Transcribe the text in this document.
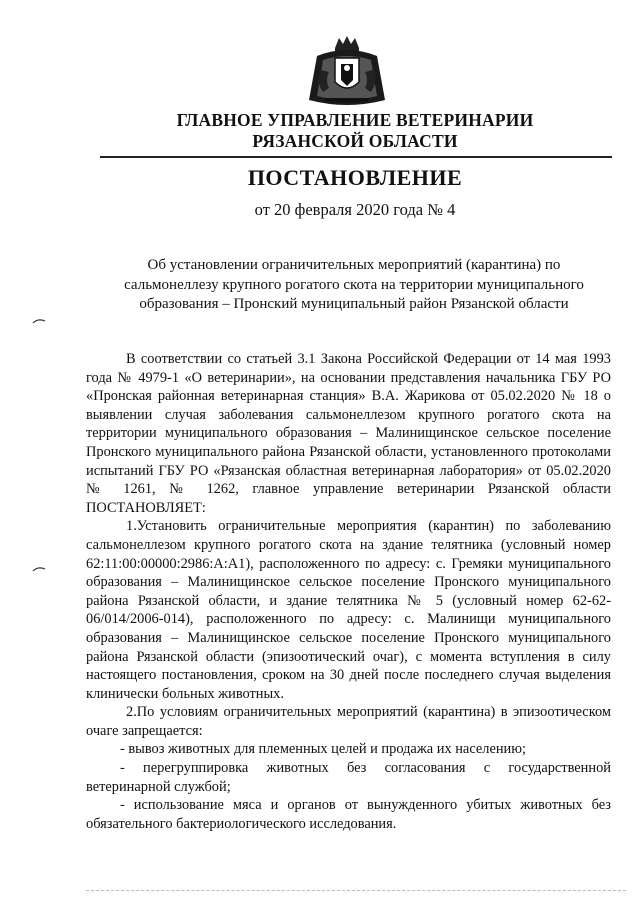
ГЛАВНОЕ УПРАВЛЕНИЕ ВЕТЕРИНАРИИ
РЯЗАНСКОЙ ОБЛАСТИ
ПОСТАНОВЛЕНИЕ
от 20 февраля 2020 года № 4
Об установлении ограничительных мероприятий (карантина) по сальмонеллезу крупного рогатого скота на территории муниципального образования – Пронский муниципальный район Рязанской области

В соответствии со статьей 3.1 Закона Российской Федерации от 14 мая 1993 года № 4979-1 «О ветеринарии», на основании представления начальника ГБУ РО «Пронская районная ветеринарная станция» В.А. Жарикова от 05.02.2020 № 18 о выявлении случая заболевания сальмонеллезом крупного рогатого скота на территории муниципального образования – Малинищинское сельское поселение Пронского муниципального района Рязанской области, установленного протоколами испытаний ГБУ РО «Рязанская областная ветеринарная лаборатория» от 05.02.2020 № 1261, № 1262, главное управление ветеринарии Рязанской области ПОСТАНОВЛЯЕТ:

1.Установить ограничительные мероприятия (карантин) по заболеванию сальмонеллезом крупного рогатого скота на здание телятника (условный номер 62:11:00:00000:2986:А:А1), расположенного по адресу: с. Гремяки муниципального образования – Малинищинское сельское поселение Пронского муниципального района Рязанской области, и здание телятника № 5 (условный номер 62-62-06/014/2006-014), расположенного по адресу: с. Малинищи муниципального образования – Малинищинское сельское поселение Пронского муниципального района Рязанской области (эпизоотический очаг), с момента вступления в силу настоящего постановления, сроком на 30 дней после последнего случая выделения клинически больных животных.

2.По условиям ограничительных мероприятий (карантина) в эпизоотическом очаге запрещается:

- вывоз животных для племенных целей и продажа их населению;

- перегруппировка животных без согласования с государственной ветеринарной службой;

- использование мяса и органов от вынужденного убитых животных без обязательного бактериологического исследования.
